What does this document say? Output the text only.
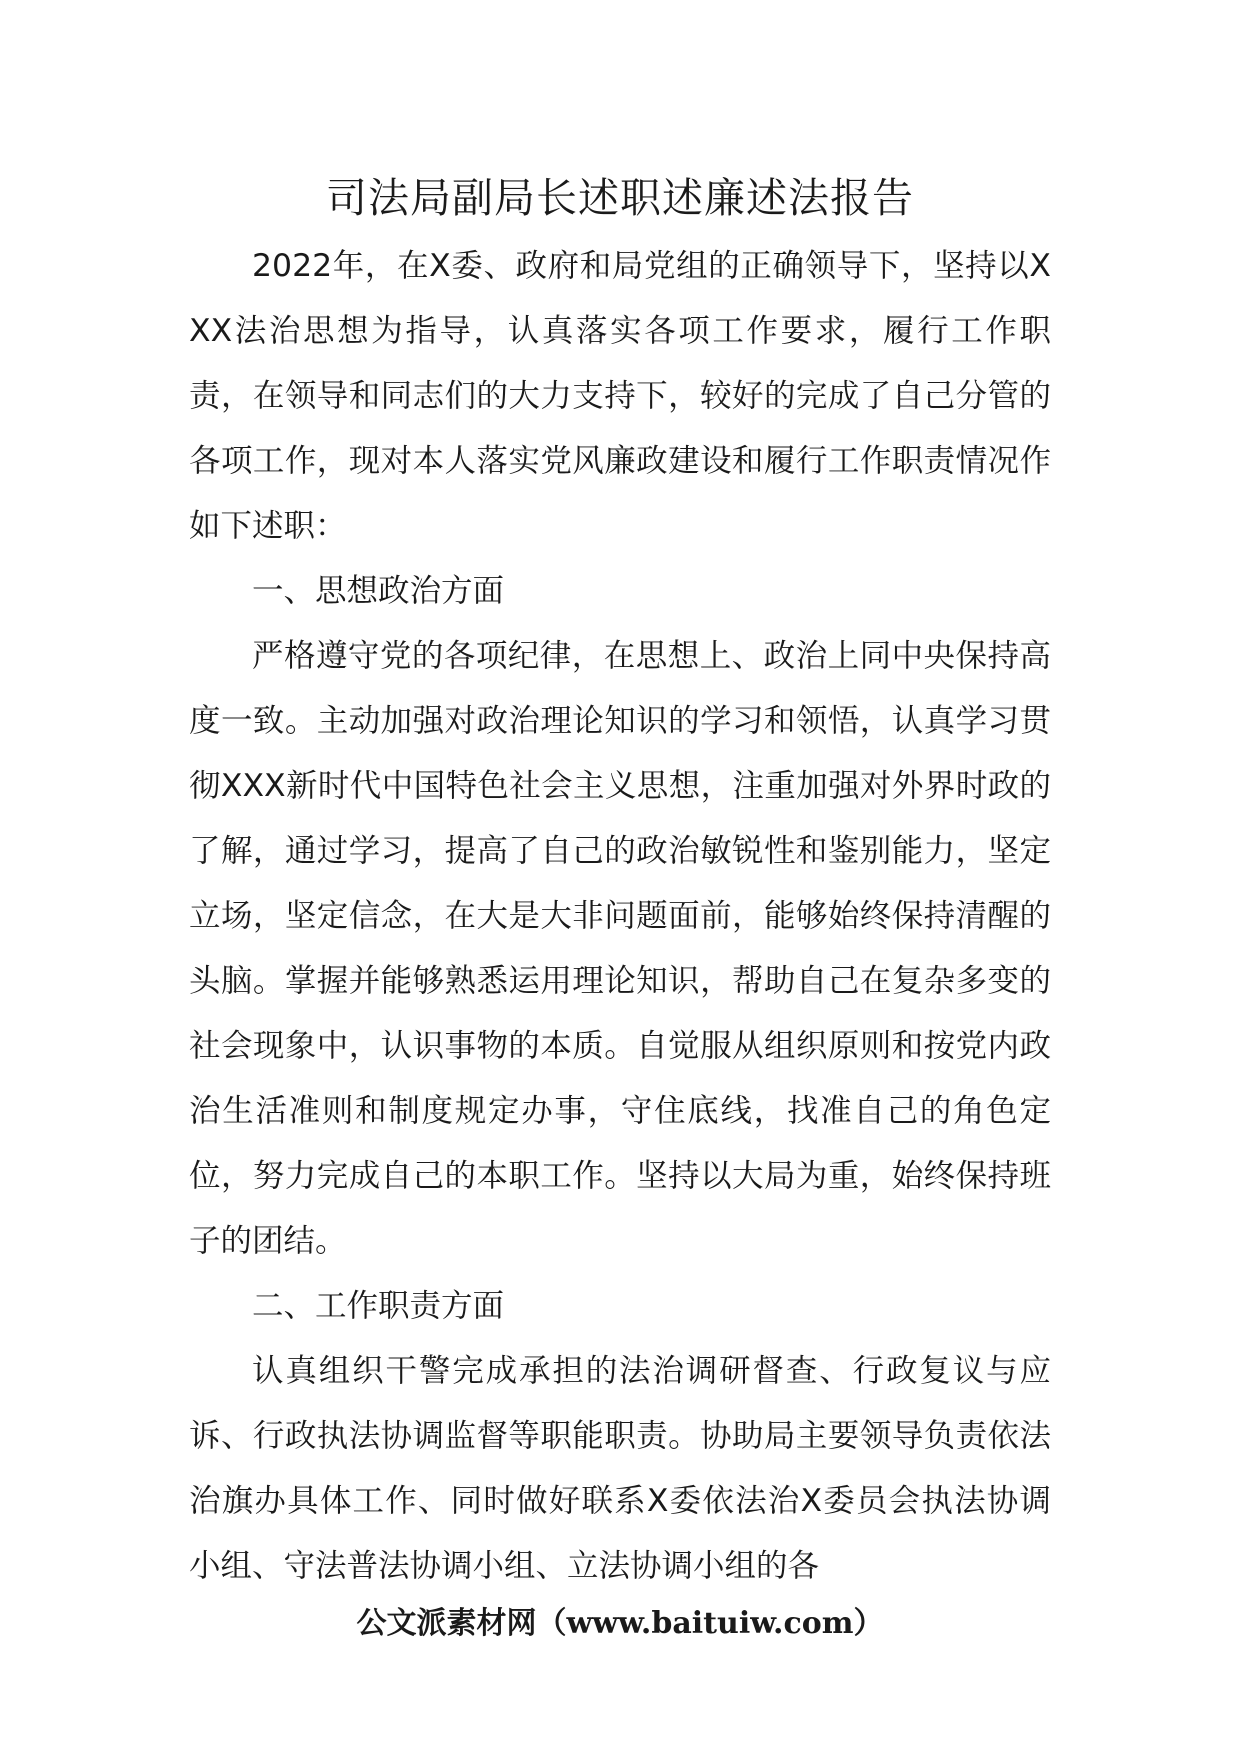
司法局副局长述职述廉述法报告

2022年，在X委、政府和局党组的正确领导下，坚持以XXX法治思想为指导，认真落实各项工作要求，履行工作职责，在领导和同志们的大力支持下，较好的完成了自己分管的各项工作，现对本人落实党风廉政建设和履行工作职责情况作如下述职：

一、思想政治方面

严格遵守党的各项纪律，在思想上、政治上同中央保持高度一致。主动加强对政治理论知识的学习和领悟，认真学习贯彻XXX新时代中国特色社会主义思想，注重加强对外界时政的了解，通过学习，提高了自己的政治敏锐性和鉴别能力，坚定立场，坚定信念，在大是大非问题面前，能够始终保持清醒的头脑。掌握并能够熟悉运用理论知识，帮助自己在复杂多变的社会现象中，认识事物的本质。自觉服从组织原则和按党内政治生活准则和制度规定办事，守住底线，找准自己的角色定位，努力完成自己的本职工作。坚持以大局为重，始终保持班子的团结。

二、工作职责方面

认真组织干警完成承担的法治调研督查、行政复议与应诉、行政执法协调监督等职能职责。协助局主要领导负责依法治旗办具体工作、同时做好联系X委依法治X委员会执法协调小组、守法普法协调小组、立法协调小组的各

公文派素材网（www.baituiw.com）
